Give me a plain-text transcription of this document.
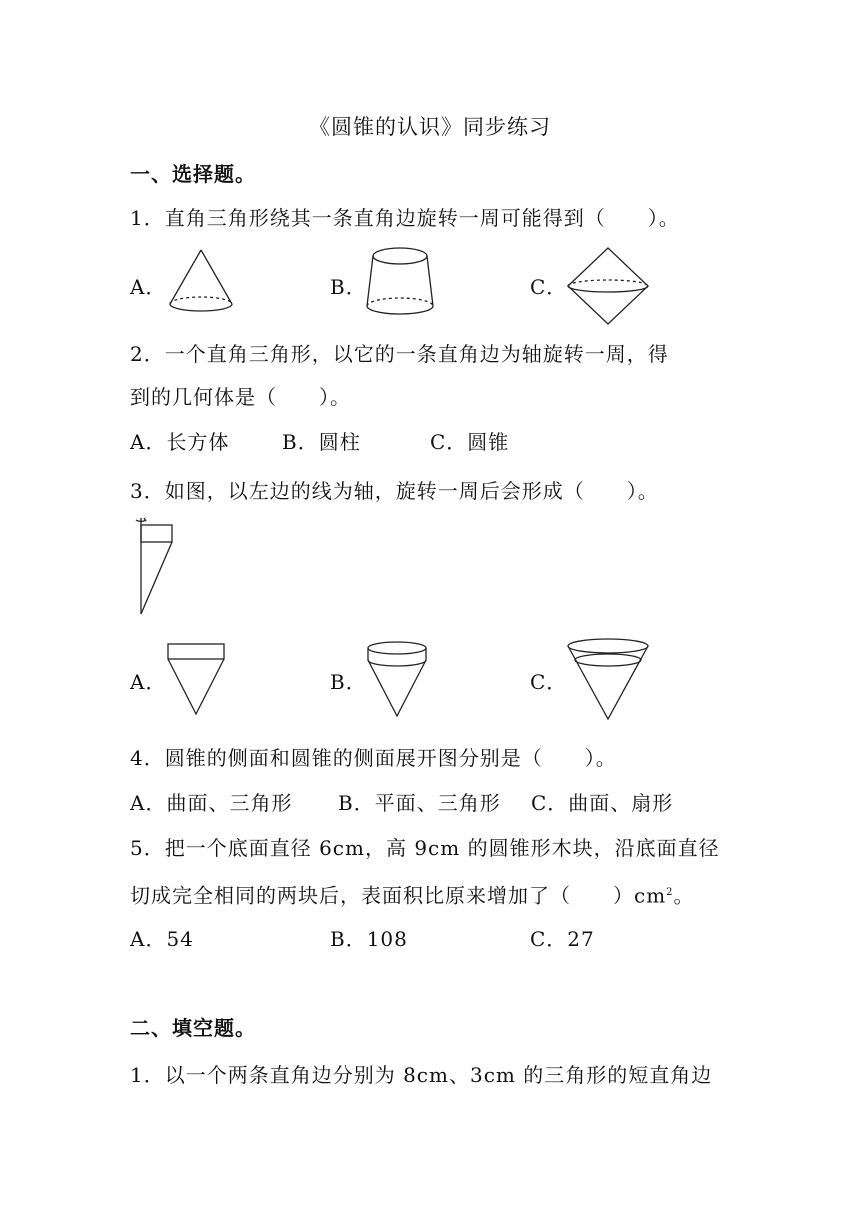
《圆锥的认识》同步练习
一、选择题。
1．直角三角形绕其一条直角边旋转一周可能得到（　　）。
A．	B．	C．
2．一个直角三角形，以它的一条直角边为轴旋转一周，得
到的几何体是（　　）。
A．长方体	B．圆柱	C．圆锥
3．如图，以左边的线为轴，旋转一周后会形成（　　）。
A．	B．	C．
4．圆锥的侧面和圆锥的侧面展开图分别是（　　）。
A．曲面、三角形 B．平面、三角形 C．曲面、扇形
5．把一个底面直径 6cm，高 9cm 的圆锥形木块，沿底面直径
切成完全相同的两块后，表面积比原来增加了（　　）$cm^2$。
A．54	B．108	C．27
二、填空题。
1．以一个两条直角边分别为 8cm、3cm 的三角形的短直角边
